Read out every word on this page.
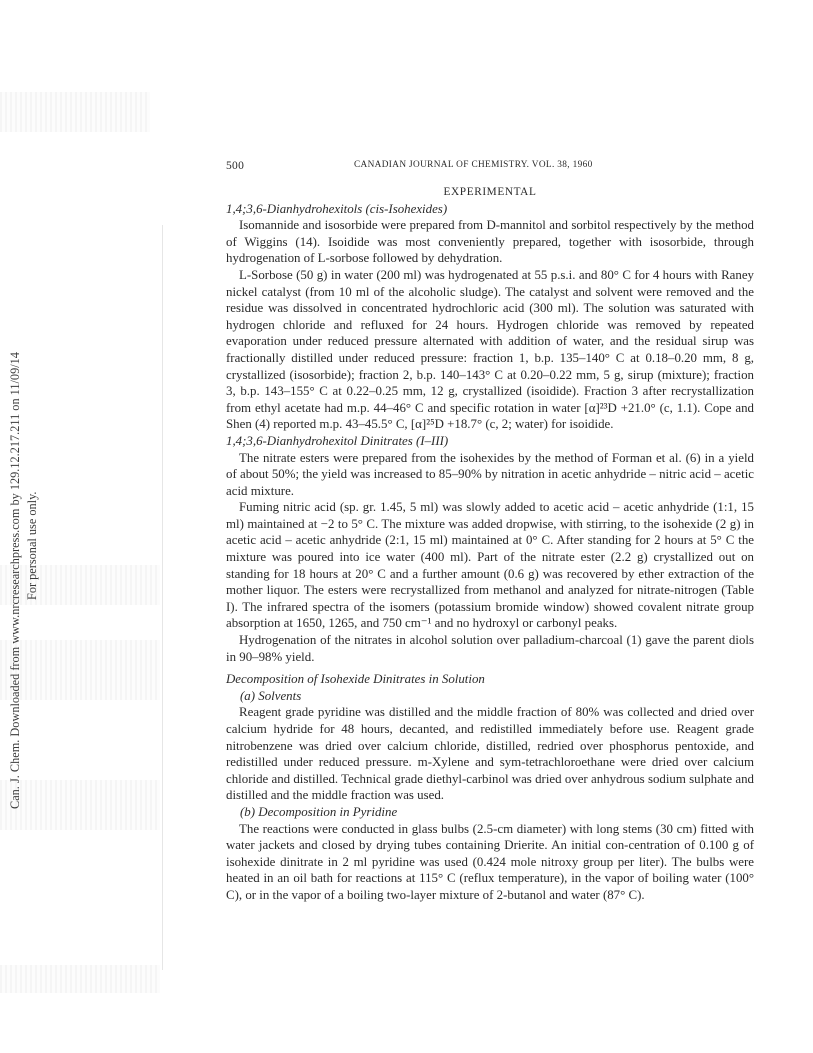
Can. J. Chem. Downloaded from www.nrcresearchpress.com by 129.12.217.211 on 11/09/14 For personal use only.
500	CANADIAN JOURNAL OF CHEMISTRY. VOL. 38, 1960

EXPERIMENTAL

1,4;3,6-Dianhydrohexitols (cis-Isohexides)

Isomannide and isosorbide were prepared from D-mannitol and sorbitol respectively by the method of Wiggins (14). Isoidide was most conveniently prepared, together with isosorbide, through hydrogenation of L-sorbose followed by dehydration.

L-Sorbose (50 g) in water (200 ml) was hydrogenated at 55 p.s.i. and 80° C for 4 hours with Raney nickel catalyst (from 10 ml of the alcoholic sludge). The catalyst and solvent were removed and the residue was dissolved in concentrated hydrochloric acid (300 ml). The solution was saturated with hydrogen chloride and refluxed for 24 hours. Hydrogen chloride was removed by repeated evaporation under reduced pressure alternated with addition of water, and the residual sirup was fractionally distilled under reduced pressure: fraction 1, b.p. 135–140° C at 0.18–0.20 mm, 8 g, crystallized (isosorbide); fraction 2, b.p. 140–143° C at 0.20–0.22 mm, 5 g, sirup (mixture); fraction 3, b.p. 143–155° C at 0.22–0.25 mm, 12 g, crystallized (isoidide). Fraction 3 after recrystallization from ethyl acetate had m.p. 44–46° C and specific rotation in water [α]²³D +21.0° (c, 1.1). Cope and Shen (4) reported m.p. 43–45.5° C, [α]²⁵D +18.7° (c, 2; water) for isoidide.

1,4;3,6-Dianhydrohexitol Dinitrates (I–III)

The nitrate esters were prepared from the isohexides by the method of Forman et al. (6) in a yield of about 50%; the yield was increased to 85–90% by nitration in acetic anhydride – nitric acid – acetic acid mixture.

Fuming nitric acid (sp. gr. 1.45, 5 ml) was slowly added to acetic acid – acetic anhydride (1:1, 15 ml) maintained at −2 to 5° C. The mixture was added dropwise, with stirring, to the isohexide (2 g) in acetic acid – acetic anhydride (2:1, 15 ml) maintained at 0° C. After standing for 2 hours at 5° C the mixture was poured into ice water (400 ml). Part of the nitrate ester (2.2 g) crystallized out on standing for 18 hours at 20° C and a further amount (0.6 g) was recovered by ether extraction of the mother liquor. The esters were recrystallized from methanol and analyzed for nitrate-nitrogen (Table I). The infrared spectra of the isomers (potassium bromide window) showed covalent nitrate group absorption at 1650, 1265, and 750 cm⁻¹ and no hydroxyl or carbonyl peaks.

Hydrogenation of the nitrates in alcohol solution over palladium-charcoal (1) gave the parent diols in 90–98% yield.

Decomposition of Isohexide Dinitrates in Solution

(a) Solvents

Reagent grade pyridine was distilled and the middle fraction of 80% was collected and dried over calcium hydride for 48 hours, decanted, and redistilled immediately before use. Reagent grade nitrobenzene was dried over calcium chloride, distilled, redried over phosphorus pentoxide, and redistilled under reduced pressure. m-Xylene and sym-tetrachloroethane were dried over calcium chloride and distilled. Technical grade diethyl-carbinol was dried over anhydrous sodium sulphate and distilled and the middle fraction was used.

(b) Decomposition in Pyridine

The reactions were conducted in glass bulbs (2.5-cm diameter) with long stems (30 cm) fitted with water jackets and closed by drying tubes containing Drierite. An initial con-centration of 0.100 g of isohexide dinitrate in 2 ml pyridine was used (0.424 mole nitroxy group per liter). The bulbs were heated in an oil bath for reactions at 115° C (reflux temperature), in the vapor of boiling water (100° C), or in the vapor of a boiling two-layer mixture of 2-butanol and water (87° C).
